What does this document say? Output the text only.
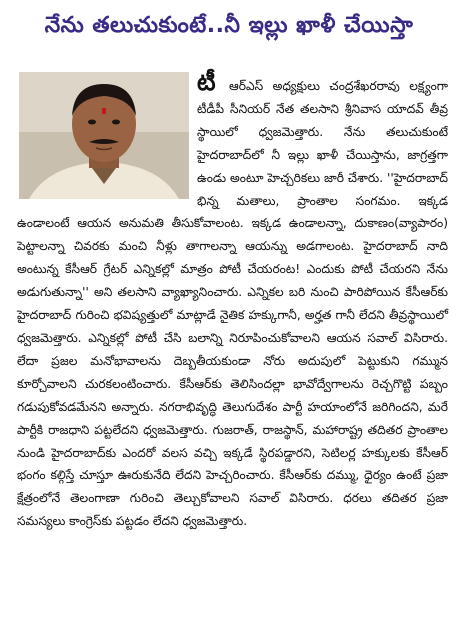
నేను తలుచుకుంటే..నీ ఇల్లు ఖాళీ చేయిస్తా
టీ ఆర్ఎస్ అధ్యక్షులు చంద్రశేఖరరావు లక్ష్యంగా టీడీపీ సీనియర్ నేత తలసాని శ్రీనివాస యాదవ్ తీవ్ర స్థాయిలో ధ్వజమెత్తారు. నేను తలుచుకుంటే హైదరాబాద్‌లో నీ ఇల్లు ఖాళీ చేయిస్తాను, జాగ్రత్తగా ఉండు అంటూ హెచ్చరికలు జారీ చేశారు. ''హైదరాబాద్ భిన్న మతాలు, ప్రాంతాల సంగమం. ఇక్కడ ఉండాలంటే ఆయన అనుమతి తీసుకోవాలంట. ఇక్కడ ఉండాలన్నా, దుకాణం(వ్యాపారం) పెట్టాలన్నా చివరకు మంచి నీళ్లు తాగాలన్నా ఆయన్ను అడగాలంట. హైదరాబాద్ నాది అంటున్న కేసీఆర్ గ్రేటర్ ఎన్నికల్లో మాత్రం పోటీ చేయరంట! ఎందుకు పోటీ చేయరని నేను అడుగుతున్నా'' అని తలసాని వ్యాఖ్యానించారు. ఎన్నికల బరి నుంచి పారిపోయిన కేసీఆర్‌కు హైదరాబాద్ గురించి భవిష్యత్తులో మాట్లాడే నైతిక హక్కుగానీ, అర్హత గానీ లేదని తీవ్రస్థాయిలో ధ్వజమెత్తారు. ఎన్నికల్లో పోటీ చేసి బలాన్ని నిరూపించుకోవాలని ఆయన సవాల్ విసిరారు. లేదా ప్రజల మనోభావాలను దెబ్బతీయకుండా నోరు అదుపులో పెట్టుకుని గమ్మున కూర్చోవాలని చురకలంటించారు. కేసీఆర్‌కు తెలిసిందల్లా భావోద్వేగాలను రెచ్చగొట్టి పబ్బం గడుపుకోవడమేనని అన్నారు. నగరాభివృద్ధి తెలుగుదేశం పార్టీ హయాంలోనే జరిగిందని, మరే పార్టీకి రాజధాని పట్టలేదని ధ్వజమెత్తారు. గుజరాత్, రాజస్థాన్, మహారాష్ట్ర తదితర ప్రాంతాల నుండి హైదరాబాద్‌కు ఎందరో వలస వచ్చి ఇక్కడే స్థిరపడ్డారని, సెటిలర్ల హక్కులకు కేసీఆర్ భంగం కల్గిస్తే చూస్తూ ఊరుకునేది లేదని హెచ్చరించారు. కేసీఆర్‌కు దమ్ము, ధైర్యం ఉంటే ప్రజా క్షేత్రంలోనే తెలంగాణా గురించి తెల్చుకోవాలని సవాల్ విసిరారు. ధరలు తదితర ప్రజా సమస్యలు కాంగ్రెస్‌కు పట్టడం లేదని ధ్వజమెత్తారు.
